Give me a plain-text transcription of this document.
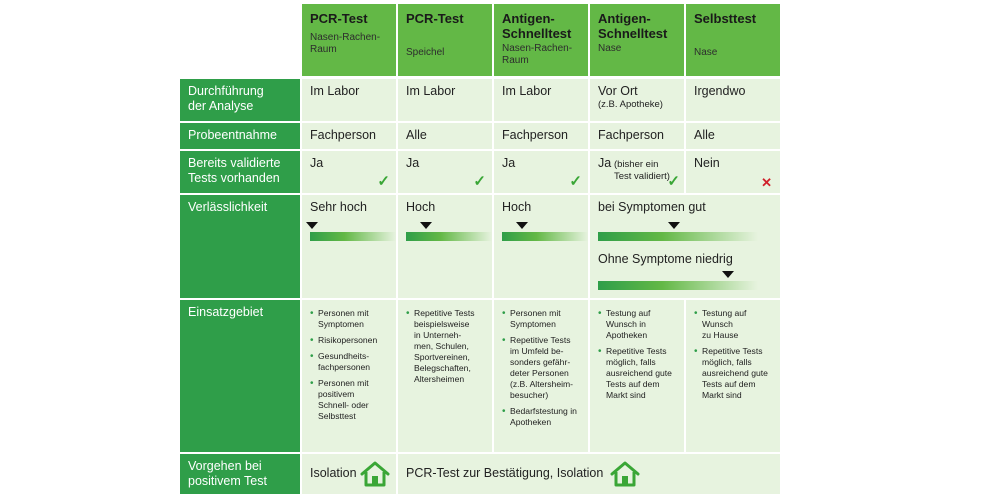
PCR-Test
Nasen-Rachen-
Raum
PCR-Test
Speichel
Antigen-
Schnelltest
Nasen-Rachen-
Raum
Antigen-
Schnelltest
Nase
Selbsttest
Nase
Durchführung
der Analyse
Im Labor	Im Labor	Im Labor	Vor Ort
(z.B. Apotheke)
Irgendwo
Probeentnahme	Fachperson	Alle	Fachperson	Fachperson	Alle
Bereits validierte
Tests vorhanden
Ja
✓
Ja
✓
Ja
✓
Ja (bisher ein
Test validiert)
✓
Nein
✕
Verlässlichkeit	Sehr hoch	Hoch	Hoch	bei Symptomen gut
Ohne Symptome niedrig
Einsatzgebiet
•	Personen mit Symptomen
• Risikopersonen
• Gesundheits-
fachpersonen
• Personen mit
positivem
Schnell- oder
Selbsttest
• Repetitive Tests
beispielsweise
in Unterneh-
men, Schulen,
Sportvereinen,
Belegschaften,
Altersheimen
• Personen mit
Symptomen
• Repetitive Tests
im Umfeld be-
sonders gefähr-
deter Personen
(z.B. Altersheim-
besucher)
• Bedarfstestung in
Apotheken
• Testung auf
Wunsch in
Apotheken
• Repetitive Tests
möglich, falls
ausreichend gute
Tests auf dem
Markt sind
• Testung auf
Wunsch
zu Hause
• Repetitive Tests
möglich, falls
ausreichend gute
Tests auf dem
Markt sind
Vorgehen bei
positivem Test
Isolation	PCR-Test zur Bestätigung, Isolation
